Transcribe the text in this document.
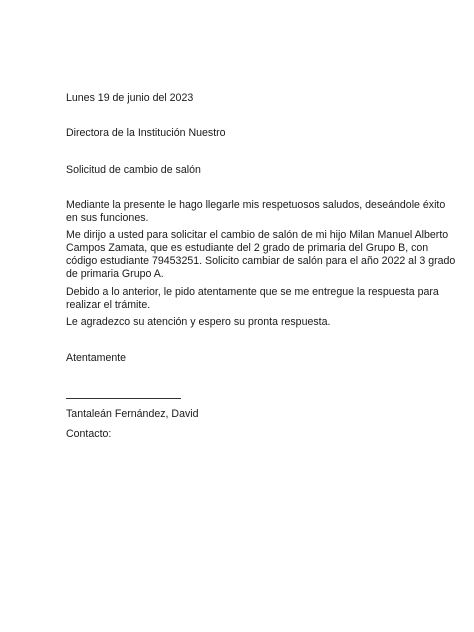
Lunes 19 de junio del 2023
Directora de la Institución Nuestro
Solicitud de cambio de salón
Mediante la presente le hago llegarle mis respetuosos saludos, deseándole éxito
en sus funciones.
Me dirijo a usted para solicitar el cambio de salón de mi hijo Milan Manuel Alberto
Campos Zamata, que es estudiante del 2 grado de primaria del Grupo B, con
código estudiante 79453251. Solicito cambiar de salón para el año 2022 al 3 grado
de primaria Grupo A.
Debido a lo anterior, le pido atentamente que se me entregue la respuesta para
realizar el trámite.
Le agradezco su atención y espero su pronta respuesta.
Atentamente
Tantaleán Fernández, David
Contacto:
